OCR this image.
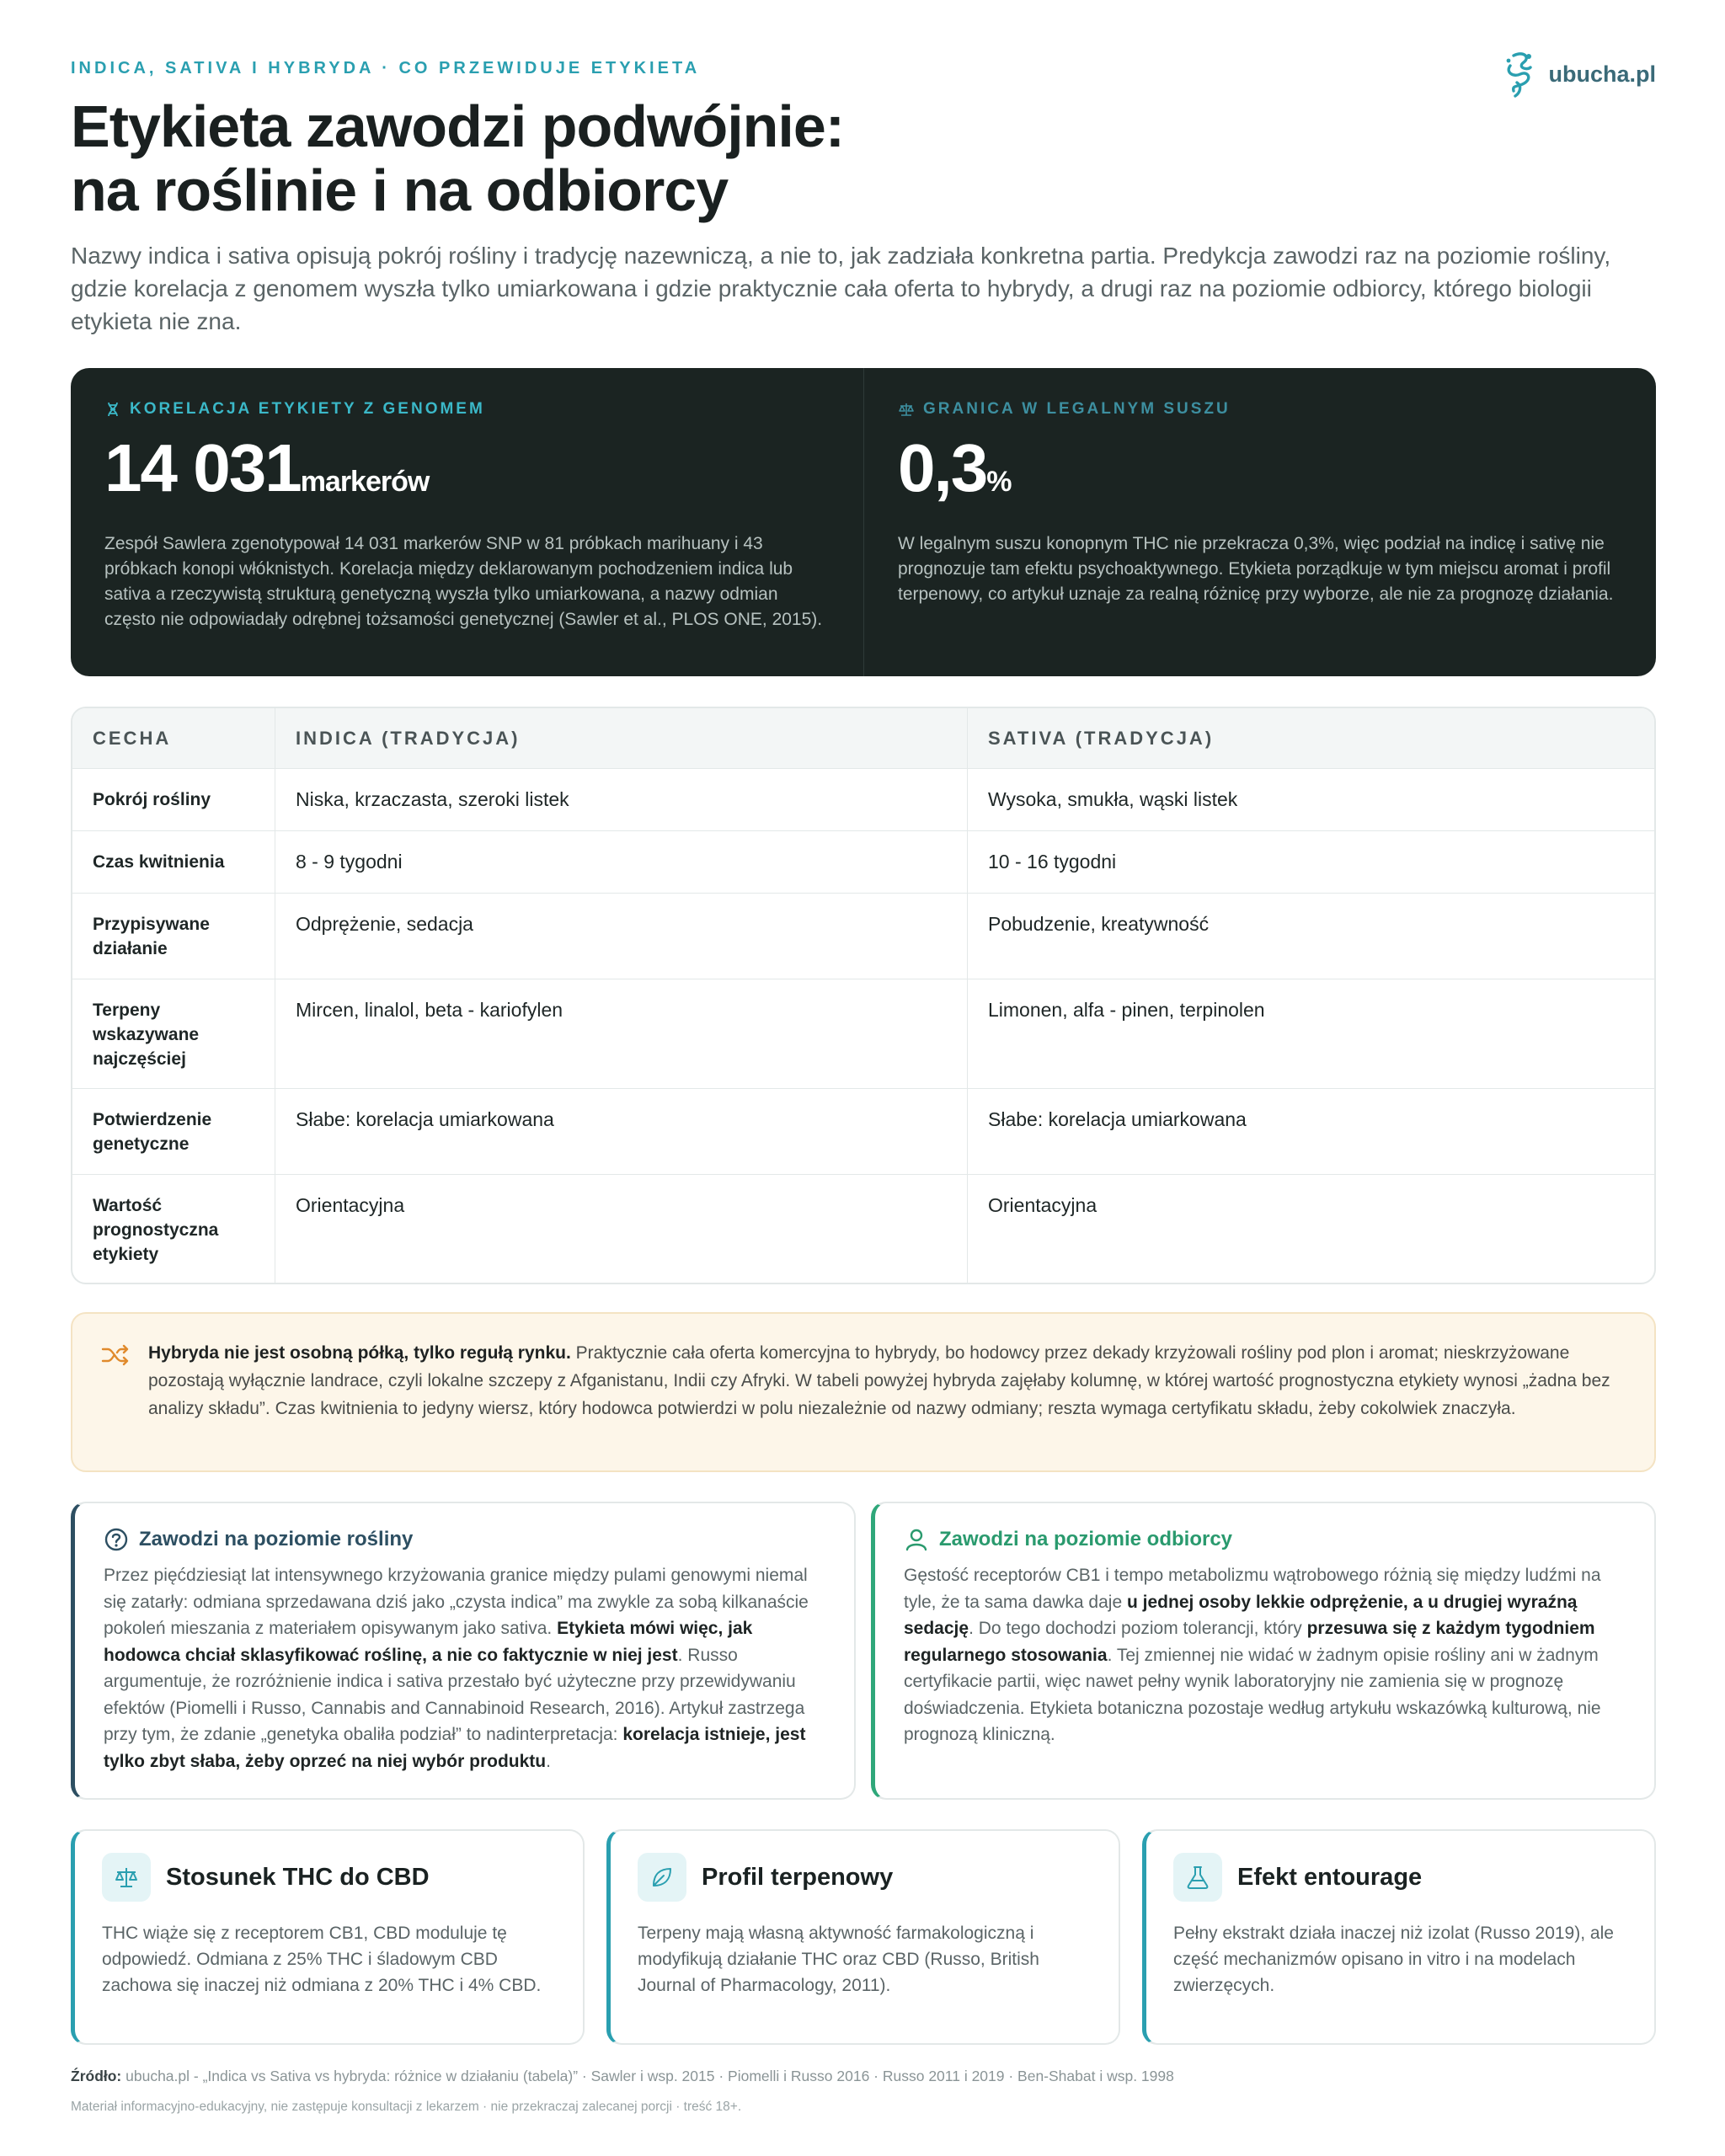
INDICA, SATIVA I HYBRYDA · CO PRZEWIDUJE ETYKIETA	ubucha.pl
Etykieta zawodzi podwójnie:
na roślinie i na odbiorcy

Nazwy indica i sativa opisują pokrój rośliny i tradycję nazewniczą, a nie to, jak zadziała konkretna partia. Predykcja zawodzi raz na poziomie rośliny, gdzie korelacja z genomem wyszła tylko umiarkowana i gdzie praktycznie cała oferta to hybrydy, a drugi raz na poziomie odbiorcy, którego biologii etykieta nie zna.

KORELACJA ETYKIETY Z GENOMEM
14 031markerów

Zespół Sawlera zgenotypował 14 031 markerów SNP w 81 próbkach marihuany i 43 próbkach konopi włóknistych. Korelacja między deklarowanym pochodzeniem indica lub sativa a rzeczywistą strukturą genetyczną wyszła tylko umiarkowana, a nazwy odmian często nie odpowiadały odrębnej tożsamości genetycznej (Sawler et al., PLOS ONE, 2015).

GRANICA W LEGALNYM SUSZU
0,3%

W legalnym suszu konopnym THC nie przekracza 0,3%, więc podział na indicę i sativę nie prognozuje tam efektu psychoaktywnego. Etykieta porządkuje w tym miejscu aromat i profil terpenowy, co artykuł uznaje za realną różnicę przy wyborze, ale nie za prognozę działania.

CECHA	INDICA (TRADYCJA)	SATIVA (TRADYCJA)
Pokrój rośliny	Niska, krzaczasta, szeroki listek	Wysoka, smukła, wąski listek
Czas kwitnienia	8 - 9 tygodni	10 - 16 tygodni
Przypisywane działanie	Odprężenie, sedacja	Pobudzenie, kreatywność
Terpeny wskazywane najczęściej	Mircen, linalol, beta - kariofylen	Limonen, alfa - pinen, terpinolen
Potwierdzenie genetyczne	Słabe: korelacja umiarkowana	Słabe: korelacja umiarkowana
Wartość prognostyczna etykiety	Orientacyjna	Orientacyjna

Hybryda nie jest osobną półką, tylko regułą rynku. Praktycznie cała oferta komercyjna to hybrydy, bo hodowcy przez dekady krzyżowali rośliny pod plon i aromat; nieskrzyżowane pozostają wyłącznie landrace, czyli lokalne szczepy z Afganistanu, Indii czy Afryki. W tabeli powyżej hybryda zajęłaby kolumnę, w której wartość prognostyczna etykiety wynosi „żadna bez analizy składu”. Czas kwitnienia to jedyny wiersz, który hodowca potwierdzi w polu niezależnie od nazwy odmiany; reszta wymaga certyfikatu składu, żeby cokolwiek znaczyła.

Zawodzi na poziomie rośliny

Przez pięćdziesiąt lat intensywnego krzyżowania granice między pulami genowymi niemal się zatarły: odmiana sprzedawana dziś jako „czysta indica” ma zwykle za sobą kilkanaście pokoleń mieszania z materiałem opisywanym jako sativa. Etykieta mówi więc, jak hodowca chciał sklasyfikować roślinę, a nie co faktycznie w niej jest. Russo argumentuje, że rozróżnienie indica i sativa przestało być użyteczne przy przewidywaniu efektów (Piomelli i Russo, Cannabis and Cannabinoid Research, 2016). Artykuł zastrzega przy tym, że zdanie „genetyka obaliła podział” to nadinterpretacja: korelacja istnieje, jest tylko zbyt słaba, żeby oprzeć na niej wybór produktu.

Zawodzi na poziomie odbiorcy

Gęstość receptorów CB1 i tempo metabolizmu wątrobowego różnią się między ludźmi na tyle, że ta sama dawka daje u jednej osoby lekkie odprężenie, a u drugiej wyraźną sedację. Do tego dochodzi poziom tolerancji, który przesuwa się z każdym tygodniem regularnego stosowania. Tej zmiennej nie widać w żadnym opisie rośliny ani w żadnym certyfikacie partii, więc nawet pełny wynik laboratoryjny nie zamienia się w prognozę doświadczenia. Etykieta botaniczna pozostaje według artykułu wskazówką kulturową, nie prognozą kliniczną.

Stosunek THC do CBD

THC wiąże się z receptorem CB1, CBD moduluje tę odpowiedź. Odmiana z 25% THC i śladowym CBD zachowa się inaczej niż odmiana z 20% THC i 4% CBD.

Profil terpenowy

Terpeny mają własną aktywność farmakologiczną i modyfikują działanie THC oraz CBD (Russo, British Journal of Pharmacology, 2011).

Efekt entourage

Pełny ekstrakt działa inaczej niż izolat (Russo 2019), ale część mechanizmów opisano in vitro i na modelach zwierzęcych.

Źródło: ubucha.pl - „Indica vs Sativa vs hybryda: różnice w działaniu (tabela)” · Sawler i wsp. 2015 · Piomelli i Russo 2016 · Russo 2011 i 2019 · Ben-Shabat i wsp. 1998

Materiał informacyjno-edukacyjny, nie zastępuje konsultacji z lekarzem · nie przekraczaj zalecanej porcji · treść 18+.
